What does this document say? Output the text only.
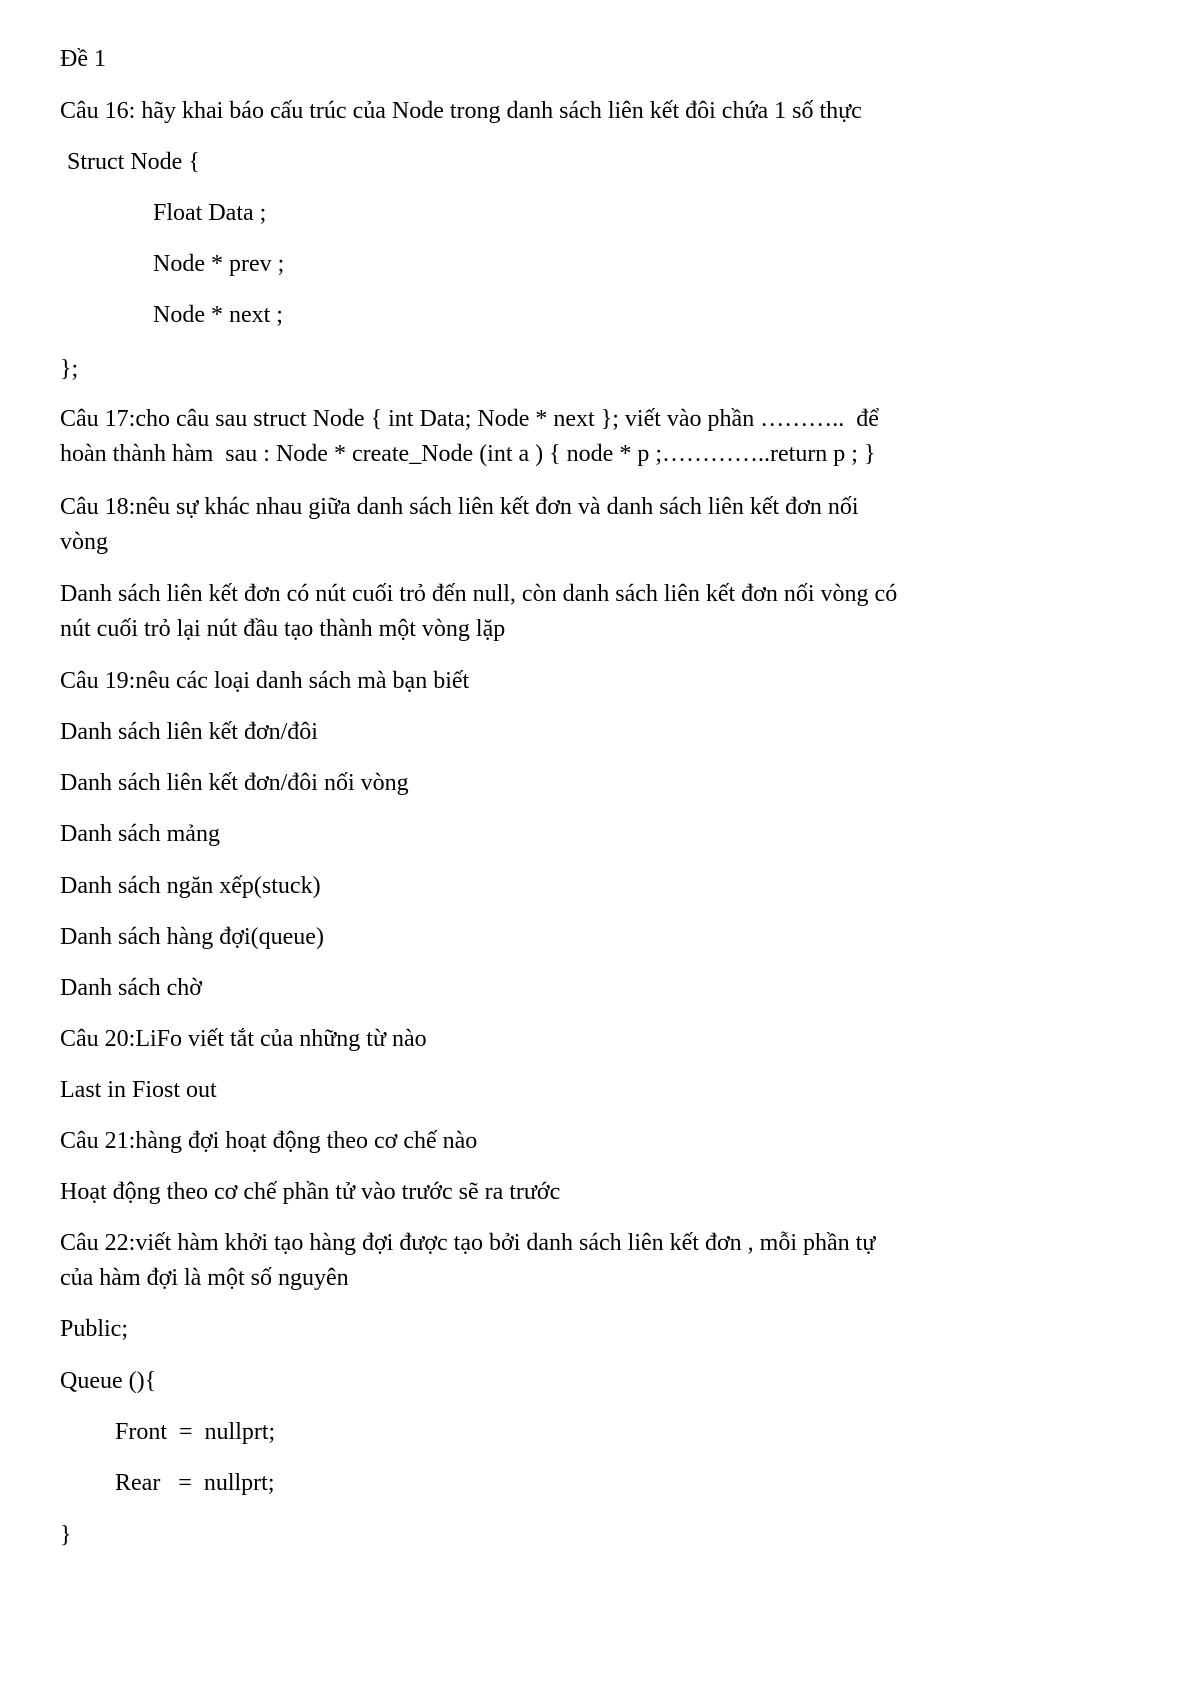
Đề 1

Câu 16: hãy khai báo cấu trúc của Node trong danh sách liên kết đôi chứa 1 số thực

Struct Node {

Float Data ;

Node * prev ;

Node * next ;

};

Câu 17:cho câu sau struct Node { int Data; Node * next }; viết vào phần ………..  để

hoàn thành hàm  sau : Node * create_Node (int a ) { node * p ;…………..return p ; }

Câu 18:nêu sự khác nhau giữa danh sách liên kết đơn và danh sách liên kết đơn nối

vòng

Danh sách liên kết đơn có nút cuối trỏ đến null, còn danh sách liên kết đơn nối vòng có

nút cuối trỏ lại nút đầu tạo thành một vòng lặp

Câu 19:nêu các loại danh sách mà bạn biết

Danh sách liên kết đơn/đôi

Danh sách liên kết đơn/đôi nối vòng

Danh sách mảng

Danh sách ngăn xếp(stuck)

Danh sách hàng đợi(queue)

Danh sách chờ

Câu 20:LiFo viết tắt của những từ nào

Last in Fiost out

Câu 21:hàng đợi hoạt động theo cơ chế nào

Hoạt động theo cơ chế phần tử vào trước sẽ ra trước

Câu 22:viết hàm khởi tạo hàng đợi được tạo bởi danh sách liên kết đơn , mỗi phần tự

của hàm đợi là một số nguyên

Public;

Queue (){

Front  =  nullprt;

Rear   =  nullprt;

}
